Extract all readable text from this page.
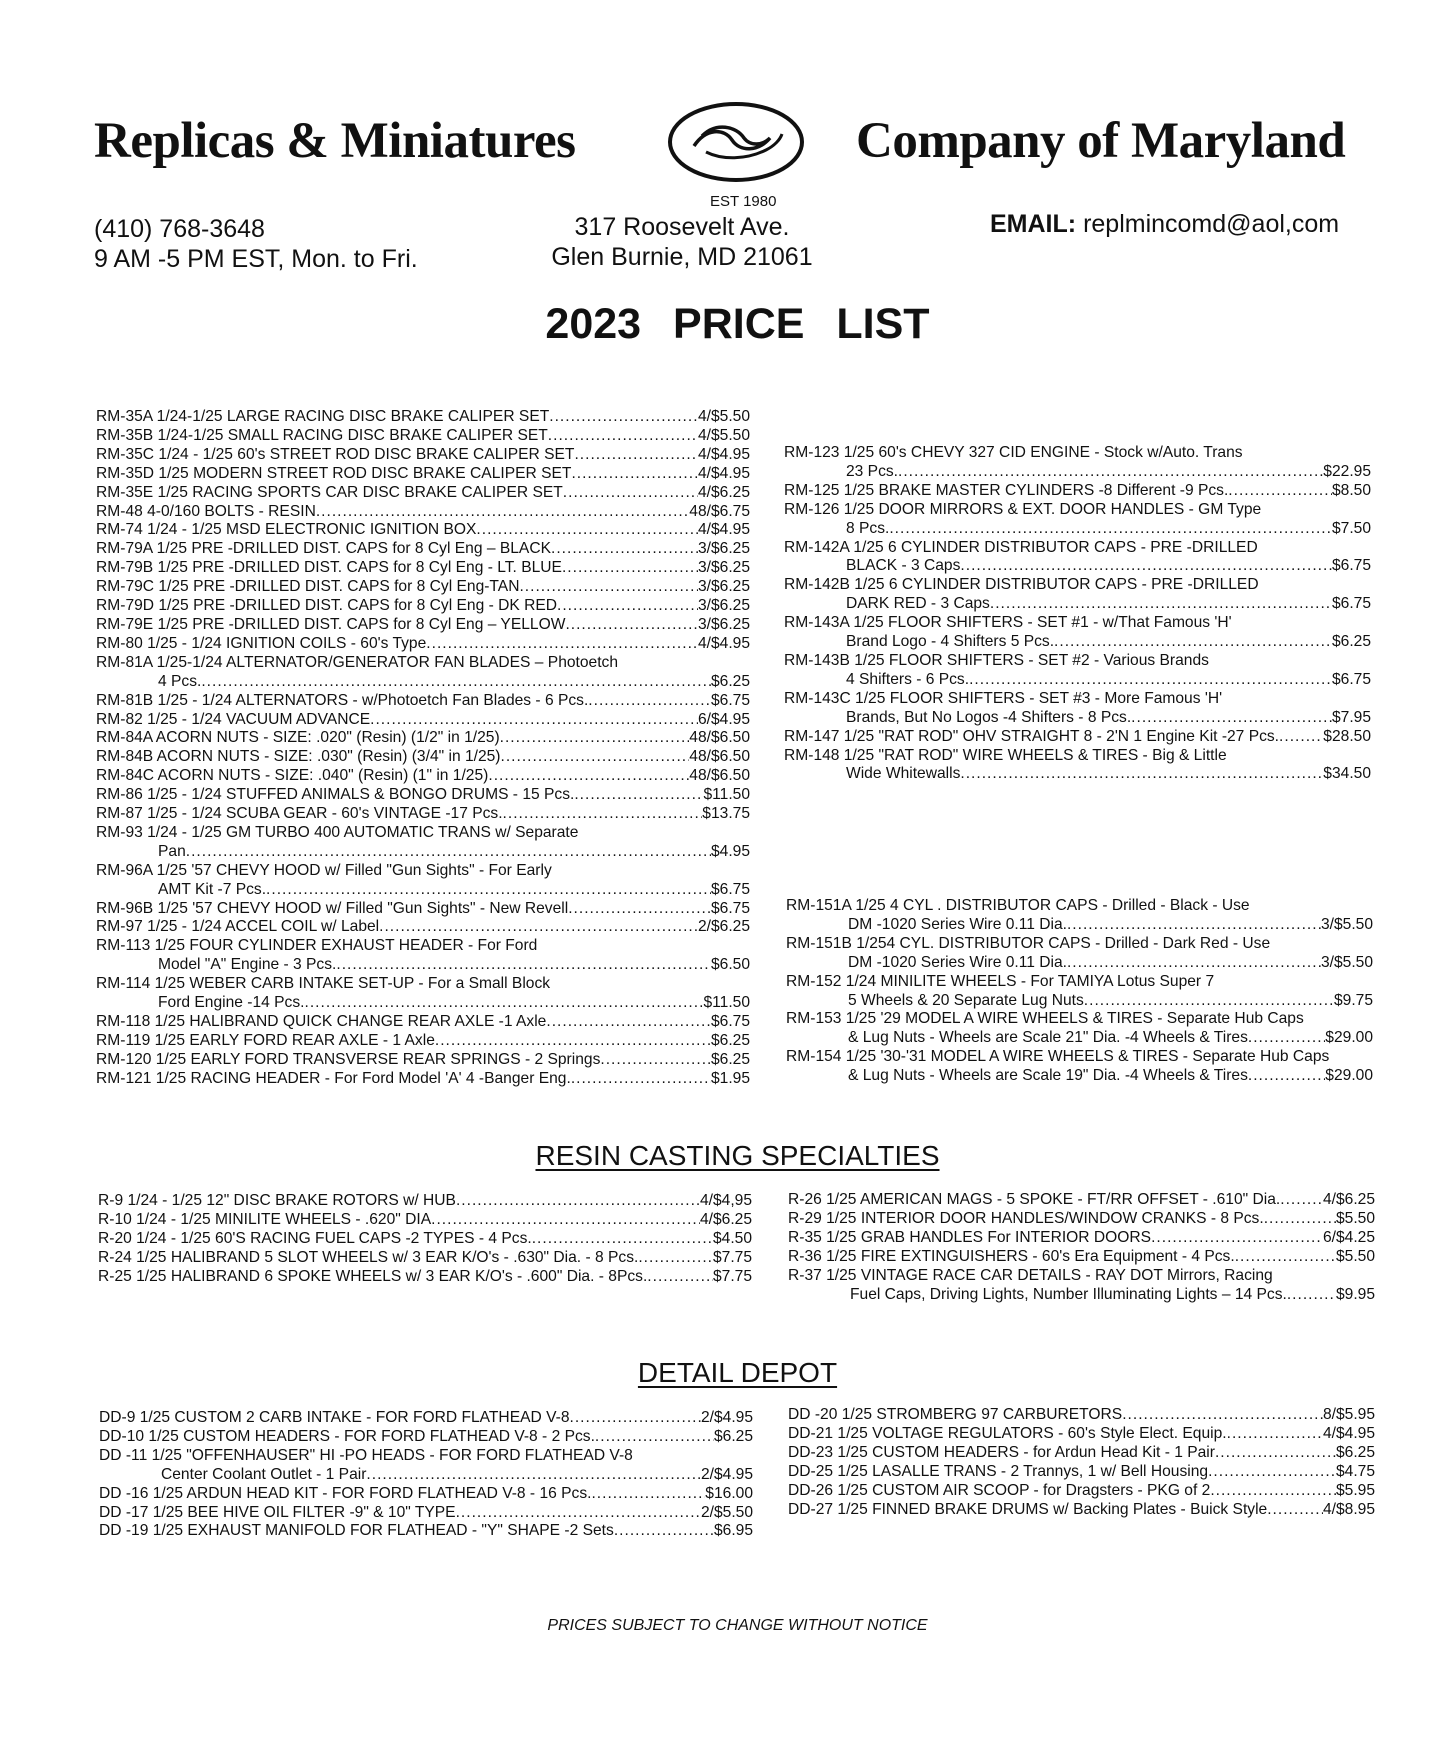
Replicas & Miniatures	Company of Maryland
EST 1980
(410) 768-3648
9 AM -5 PM EST, Mon. to Fri.
317 Roosevelt Ave.
Glen Burnie, MD 21061
EMAIL: replmincomd@aol,com
2023 PRICE LIST
RM-35A 1/24-1/25 LARGE RACING DISC BRAKE CALIPER SET .....	4/$5.50
RM-35B 1/24-1/25 SMALL RACING DISC BRAKE CALIPER SET .....	4/$5.50
RM-35C 1/24 - 1/25 60's STREET ROD DISC BRAKE CALIPER SET .....	4/$4.95
RM-35D 1/25 MODERN STREET ROD DISC BRAKE CALIPER SET .....	4/$4.95
RM-35E 1/25 RACING SPORTS CAR DISC BRAKE CALIPER SET .....	4/$6.25
RM-48 4-0/160 BOLTS - RESIN .....	48/$6.75
RM-74 1/24 - 1/25 MSD ELECTRONIC IGNITION BOX .....	4/$4.95
RM-79A 1/25 PRE -DRILLED DIST. CAPS for 8 Cyl Eng – BLACK .....	3/$6.25
RM-79B 1/25 PRE -DRILLED DIST. CAPS for 8 Cyl Eng - LT. BLUE .....	3/$6.25
RM-79C 1/25 PRE -DRILLED DIST. CAPS for 8 Cyl Eng-TAN .....	3/$6.25
RM-79D 1/25 PRE -DRILLED DIST. CAPS for 8 Cyl Eng - DK RED .....	3/$6.25
RM-79E 1/25 PRE -DRILLED DIST. CAPS for 8 Cyl Eng – YELLOW .....	3/$6.25
RM-80 1/25 - 1/24 IGNITION COILS - 60's Type .....	4/$4.95
RM-81A 1/25-1/24 ALTERNATOR/GENERATOR FAN BLADES – Photoetch
4 Pcs. .....	$6.25
RM-81B 1/25 - 1/24 ALTERNATORS - w/Photoetch Fan Blades - 6 Pcs. .....	$6.75
RM-82 1/25 - 1/24 VACUUM ADVANCE .....	6/$4.95
RM-84A ACORN NUTS - SIZE: .020" (Resin) (1/2" in 1/25) .....	48/$6.50
RM-84B ACORN NUTS - SIZE: .030" (Resin) (3/4" in 1/25) .....	48/$6.50
RM-84C ACORN NUTS - SIZE: .040" (Resin) (1" in 1/25) .....	48/$6.50
RM-86 1/25 - 1/24 STUFFED ANIMALS & BONGO DRUMS - 15 Pcs. .....	$11.50
RM-87 1/25 - 1/24 SCUBA GEAR - 60's VINTAGE -17 Pcs. .....	$13.75
RM-93 1/24 - 1/25 GM TURBO 400 AUTOMATIC TRANS w/ Separate
Pan .....	$4.95
RM-96A 1/25 '57 CHEVY HOOD w/ Filled "Gun Sights" - For Early
AMT Kit -7 Pcs. .....	$6.75
RM-96B 1/25 '57 CHEVY HOOD w/ Filled "Gun Sights" - New Revell .....	$6.75
RM-97 1/25 - 1/24 ACCEL COIL w/ Label .....	2/$6.25
RM-113 1/25 FOUR CYLINDER EXHAUST HEADER - For Ford
Model "A" Engine - 3 Pcs. .....	$6.50
RM-114 1/25 WEBER CARB INTAKE SET-UP - For a Small Block
Ford Engine -14 Pcs. .....	$11.50
RM-118 1/25 HALIBRAND QUICK CHANGE REAR AXLE -1 Axle .....	$6.75
RM-119 1/25 EARLY FORD REAR AXLE - 1 Axle .....	$6.25
RM-120 1/25 EARLY FORD TRANSVERSE REAR SPRINGS - 2 Springs .....	$6.25
RM-121 1/25 RACING HEADER - For Ford Model 'A' 4 -Banger Eng. .....	$1.95
RM-123 1/25 60's CHEVY 327 CID ENGINE - Stock w/Auto. Trans
23 Pcs. .....	$22.95
RM-125 1/25 BRAKE MASTER CYLINDERS -8 Different -9 Pcs. .....	$8.50
RM-126 1/25 DOOR MIRRORS & EXT. DOOR HANDLES - GM Type
8 Pcs. .....	$7.50
RM-142A 1/25 6 CYLINDER DISTRIBUTOR CAPS - PRE -DRILLED
BLACK - 3 Caps .....	$6.75
RM-142B 1/25 6 CYLINDER DISTRIBUTOR CAPS - PRE -DRILLED
DARK RED - 3 Caps .....	$6.75
RM-143A 1/25 FLOOR SHIFTERS - SET #1 - w/That Famous 'H'
Brand Logo - 4 Shifters 5 Pcs. .....	$6.25
RM-143B 1/25 FLOOR SHIFTERS - SET #2 - Various Brands
4 Shifters - 6 Pcs. .....	$6.75
RM-143C 1/25 FLOOR SHIFTERS - SET #3 - More Famous 'H'
Brands, But No Logos -4 Shifters - 8 Pcs. .....	$7.95
RM-147 1/25 "RAT ROD" OHV STRAIGHT 8 - 2'N 1 Engine Kit -27 Pcs. .....	$28.50
RM-148 1/25 "RAT ROD" WIRE WHEELS & TIRES - Big & Little
Wide Whitewalls .....	$34.50
RM-151A 1/25 4 CYL . DISTRIBUTOR CAPS - Drilled - Black - Use
DM -1020 Series Wire 0.11 Dia. .....	3/$5.50
RM-151B 1/254 CYL. DISTRIBUTOR CAPS - Drilled - Dark Red - Use
DM -1020 Series Wire 0.11 Dia. .....	3/$5.50
RM-152 1/24 MINILITE WHEELS - For TAMIYA Lotus Super 7
5 Wheels & 20 Separate Lug Nuts .....	$9.75
RM-153 1/25 '29 MODEL A WIRE WHEELS & TIRES - Separate Hub Caps
& Lug Nuts - Wheels are Scale 21" Dia. -4 Wheels & Tires .....	$29.00
RM-154 1/25 '30-'31 MODEL A WIRE WHEELS & TIRES - Separate Hub Caps
& Lug Nuts - Wheels are Scale 19" Dia. -4 Wheels & Tires .....	$29.00
RESIN CASTING SPECIALTIES
R-9 1/24 - 1/25 12" DISC BRAKE ROTORS w/ HUB .....	4/$4,95
R-10 1/24 - 1/25 MINILITE WHEELS - .620" DIA .....	4/$6.25
R-20 1/24 - 1/25 60'S RACING FUEL CAPS -2 TYPES - 4 Pcs. .....	$4.50
R-24 1/25 HALIBRAND 5 SLOT WHEELS w/ 3 EAR K/O's - .630" Dia. - 8 Pcs. .....	$7.75
R-25 1/25 HALIBRAND 6 SPOKE WHEELS w/ 3 EAR K/O's - .600" Dia. - 8Pcs. .....	$7.75
R-26 1/25 AMERICAN MAGS - 5 SPOKE - FT/RR OFFSET - .610" Dia. .....	4/$6.25
R-29 1/25 INTERIOR DOOR HANDLES/WINDOW CRANKS - 8 Pcs. .....	$5.50
R-35 1/25 GRAB HANDLES For INTERIOR DOORS .....	6/$4.25
R-36 1/25 FIRE EXTINGUISHERS - 60's Era Equipment - 4 Pcs. .....	$5.50
R-37 1/25 VINTAGE RACE CAR DETAILS - RAY DOT Mirrors, Racing
Fuel Caps, Driving Lights, Number Illuminating Lights – 14 Pcs. .....	$9.95
DETAIL DEPOT
DD-9 1/25 CUSTOM 2 CARB INTAKE - FOR FORD FLATHEAD V-8 .....	2/$4.95
DD-10 1/25 CUSTOM HEADERS - FOR FORD FLATHEAD V-8 - 2 Pcs. .....	$6.25
DD -11 1/25 "OFFENHAUSER" HI -PO HEADS - FOR FORD FLATHEAD V-8
Center Coolant Outlet - 1 Pair .....	2/$4.95
DD -16 1/25 ARDUN HEAD KIT - FOR FORD FLATHEAD V-8 - 16 Pcs. .....	$16.00
DD -17 1/25 BEE HIVE OIL FILTER -9" & 10" TYPE .....	2/$5.50
DD -19 1/25 EXHAUST MANIFOLD FOR FLATHEAD - "Y" SHAPE -2 Sets .....	$6.95
DD -20 1/25 STROMBERG 97 CARBURETORS .....	8/$5.95
DD-21 1/25 VOLTAGE REGULATORS - 60's Style Elect. Equip. .....	4/$4.95
DD-23 1/25 CUSTOM HEADERS - for Ardun Head Kit - 1 Pair .....	$6.25
DD-25 1/25 LASALLE TRANS - 2 Trannys, 1 w/ Bell Housing .....	$4.75
DD-26 1/25 CUSTOM AIR SCOOP - for Dragsters - PKG of 2 .....	$5.95
DD-27 1/25 FINNED BRAKE DRUMS w/ Backing Plates - Buick Style .....	4/$8.95
PRICES SUBJECT TO CHANGE WITHOUT NOTICE
